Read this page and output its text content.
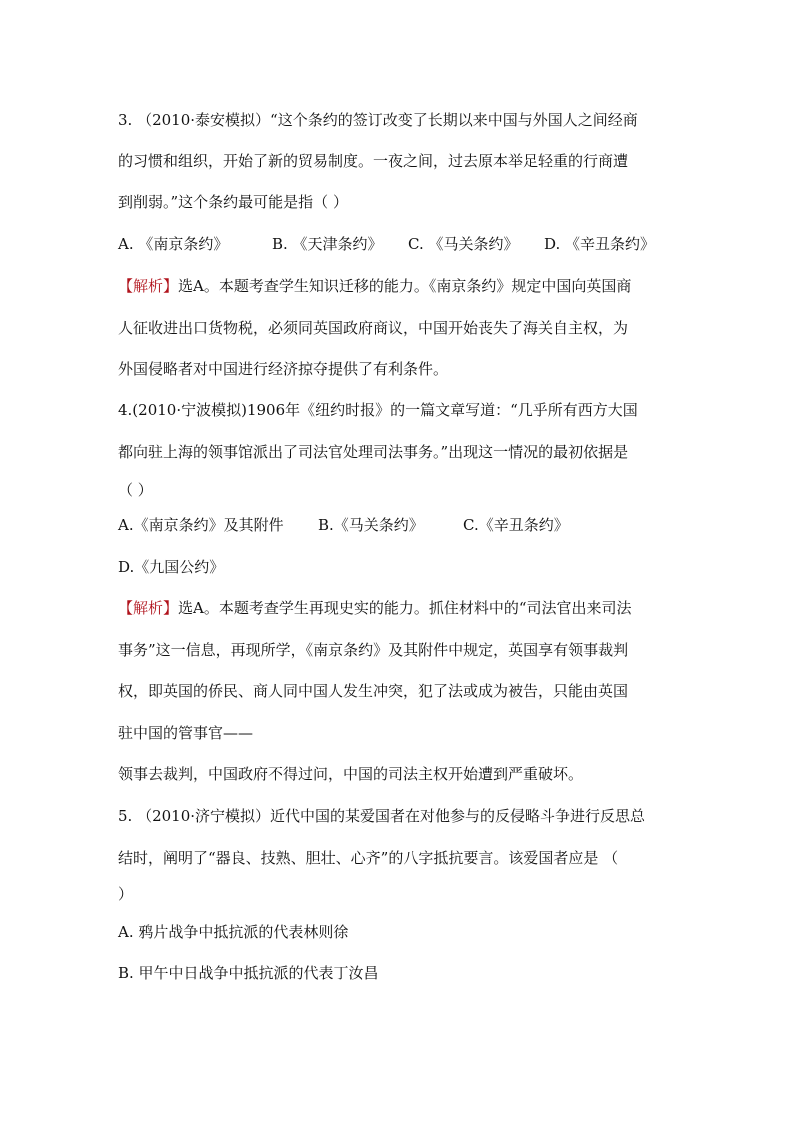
3. （2010·泰安模拟）“这个条约的签订改变了长期以来中国与外国人之间经商
的习惯和组织，开始了新的贸易制度。一夜之间，过去原本举足轻重的行商遭
到削弱。”这个条约最可能是指（ ）
A. 《南京条约》	B. 《天津条约》 C. 《马关条约》 D. 《辛丑条约》
【解析】选A。本题考查学生知识迁移的能力。《南京条约》规定中国向英国商
人征收进出口货物税，必须同英国政府商议，中国开始丧失了海关自主权，为
外国侵略者对中国进行经济掠夺提供了有利条件。
4.(2010·宁波模拟)1906年《纽约时报》的一篇文章写道：“几乎所有西方大国
都向驻上海的领事馆派出了司法官处理司法事务。”出现这一情况的最初依据是
（ ）
A.《南京条约》及其附件 B.《马关条约》	C.《辛丑条约》
D.《九国公约》
【解析】选A。本题考查学生再现史实的能力。抓住材料中的“司法官出来司法
事务”这一信息，再现所学，《南京条约》及其附件中规定，英国享有领事裁判
权，即英国的侨民、商人同中国人发生冲突，犯了法或成为被告，只能由英国
驻中国的管事官——
领事去裁判，中国政府不得过问，中国的司法主权开始遭到严重破坏。
5. （2010·济宁模拟）近代中国的某爱国者在对他参与的反侵略斗争进行反思总
结时，阐明了“器良、技熟、胆壮、心齐”的八字抵抗要言。该爱国者应是 （
）
A. 鸦片战争中抵抗派的代表林则徐
B. 甲午中日战争中抵抗派的代表丁汝昌
